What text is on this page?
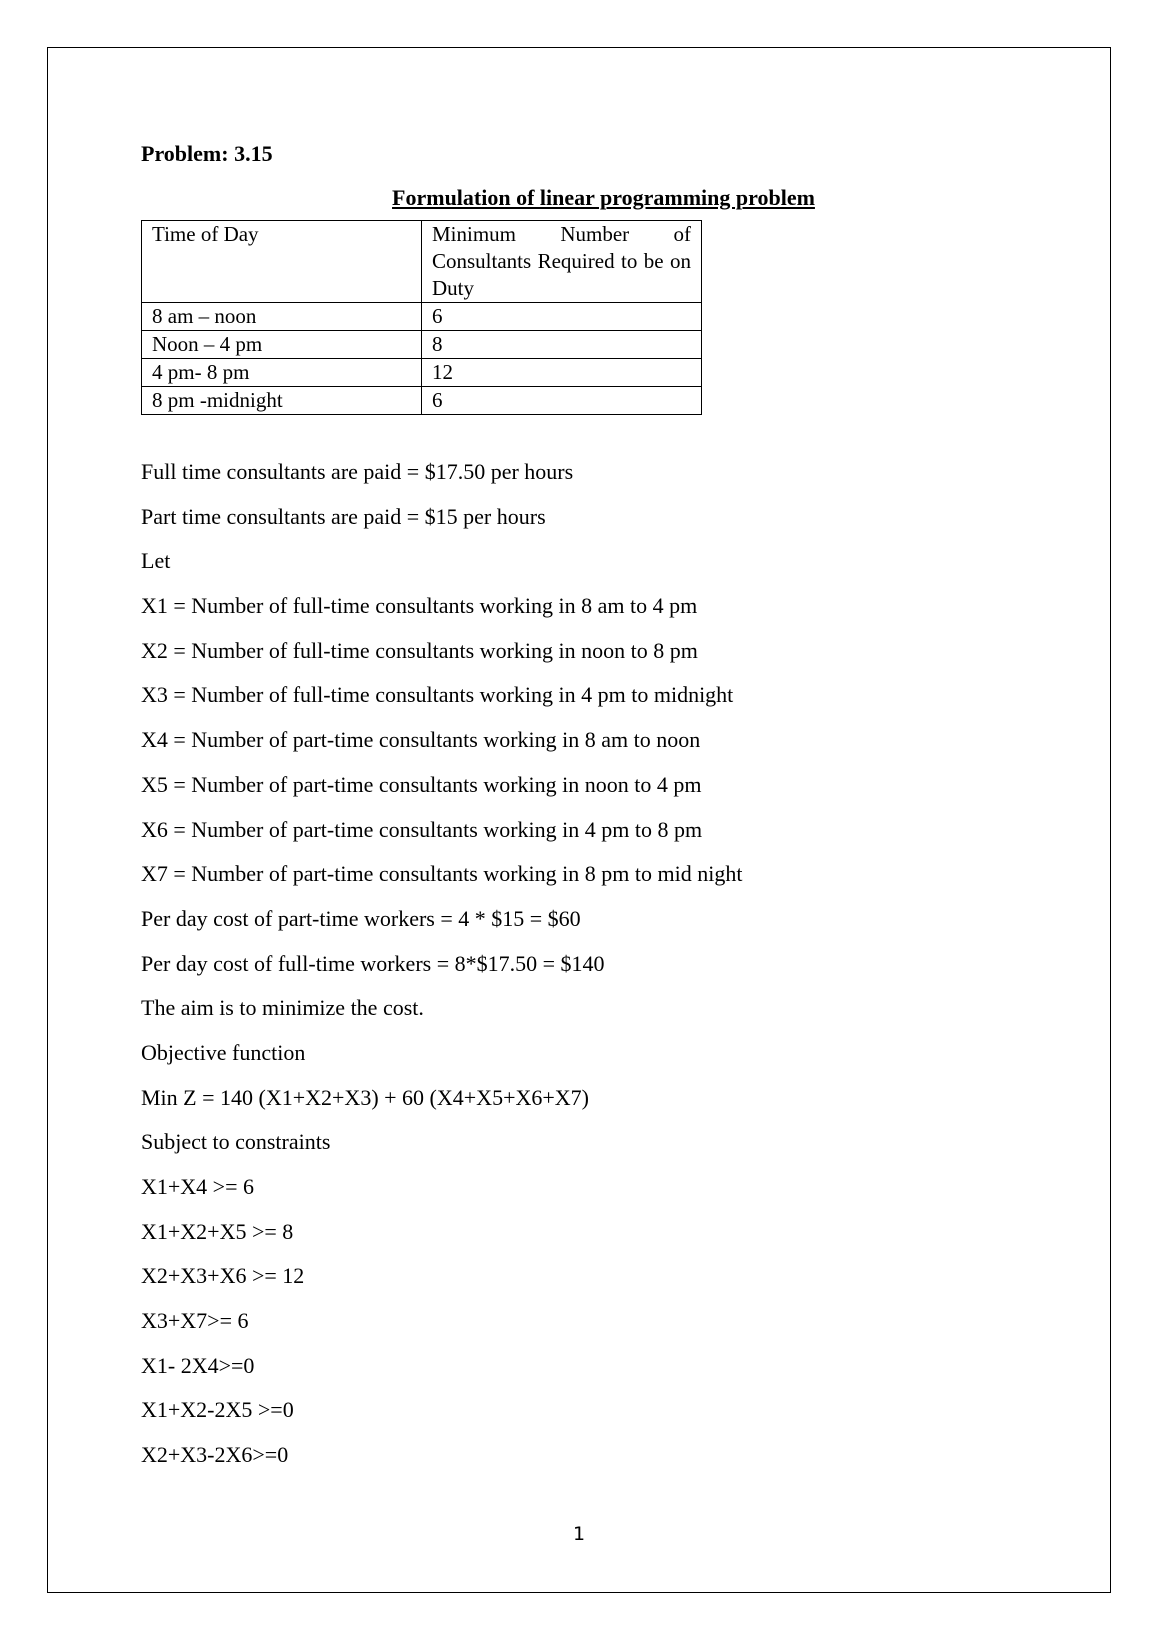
Problem: 3.15

Formulation of linear programming problem

Time of Day	Minimum Number of Consultants Required to be on Duty
8 am – noon	6
Noon – 4 pm	8
4 pm- 8 pm	12
8 pm -midnight	6
Full time consultants are paid = $17.50 per hours
Part time consultants are paid = $15 per hours
Let
X1 = Number of full-time consultants working in 8 am to 4 pm
X2 = Number of full-time consultants working in noon to 8 pm
X3 = Number of full-time consultants working in 4 pm to midnight
X4 = Number of part-time consultants working in 8 am to noon
X5 = Number of part-time consultants working in noon to 4 pm
X6 = Number of part-time consultants working in 4 pm to 8 pm
X7 = Number of part-time consultants working in 8 pm to mid night
Per day cost of part-time workers = 4 * $15 = $60
Per day cost of full-time workers = 8*$17.50 = $140
The aim is to minimize the cost.
Objective function
Min Z = 140 (X1+X2+X3) + 60 (X4+X5+X6+X7)
Subject to constraints
X1+X4 >= 6
X1+X2+X5 >= 8
X2+X3+X6 >= 12
X3+X7>= 6
X1- 2X4>=0
X1+X2-2X5 >=0
X2+X3-2X6>=0
1
